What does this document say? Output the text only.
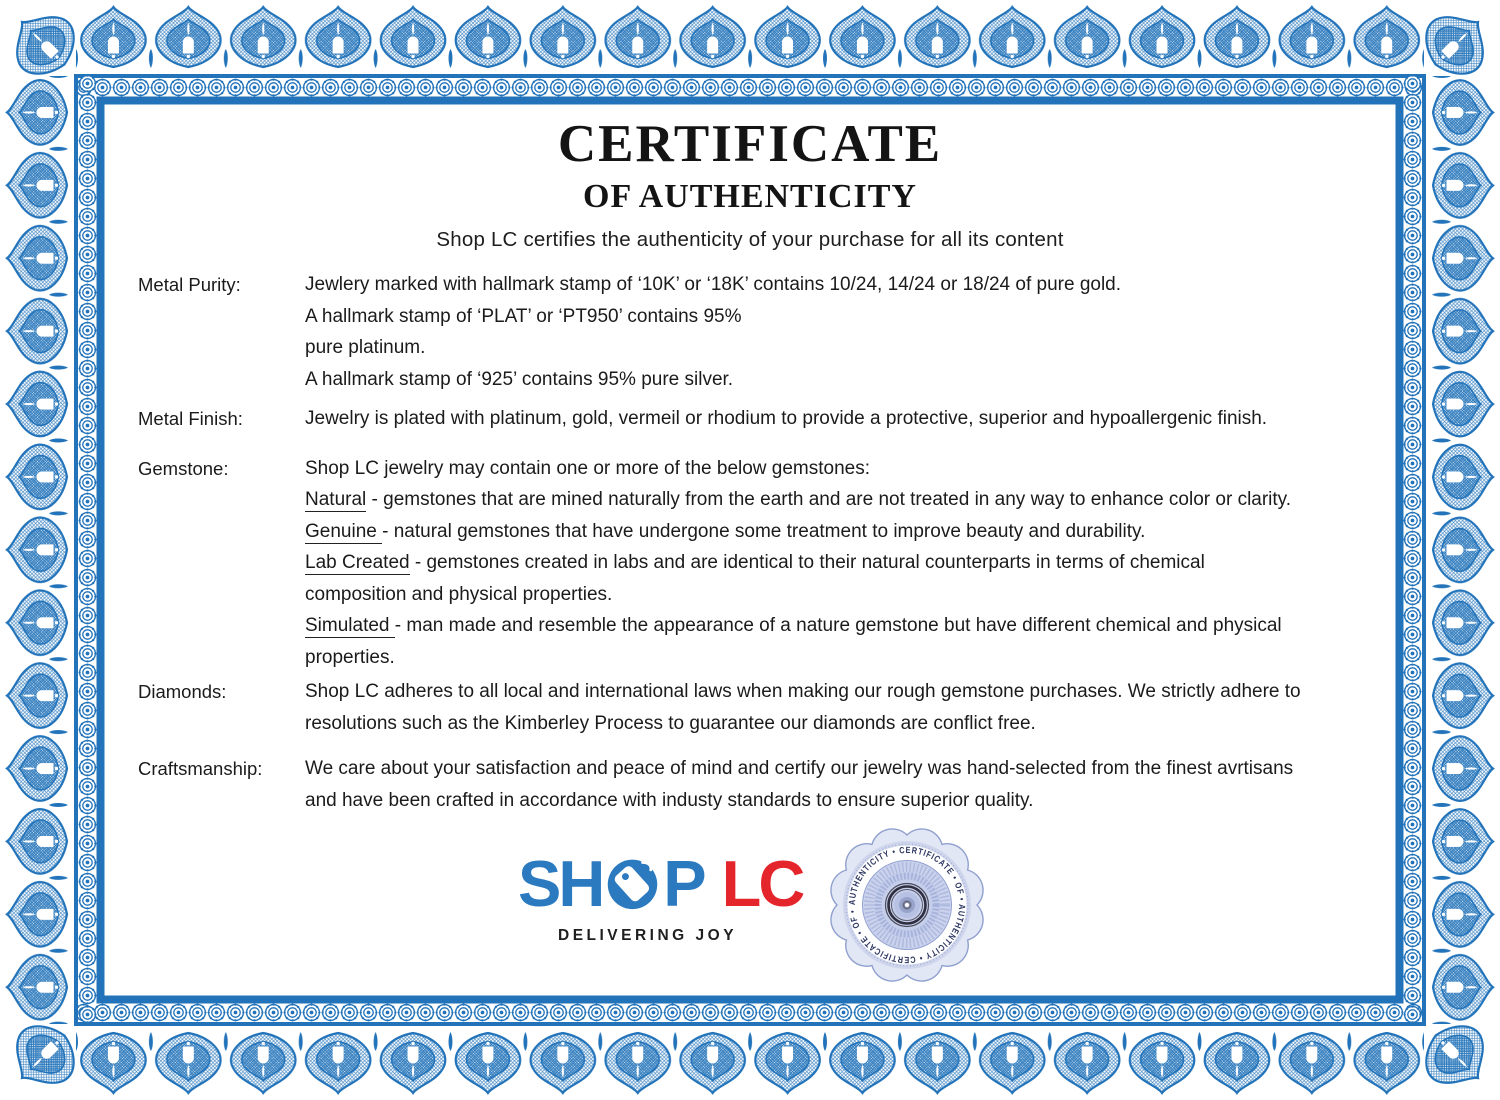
CERTIFICATE
OF AUTHENTICITY
Shop LC certifies the authenticity of your purchase for all its content
Metal Purity:	Jewlery marked with hallmark stamp of ‘10K’ or ‘18K’ contains 10/24, 14/24 or 18/24 of pure gold.

A hallmark stamp of ‘PLAT’ or ‘PT950’ contains 95%

pure platinum.

A hallmark stamp of ‘925’ contains 95% pure silver.

Metal Finish:	Jewelry is plated with platinum, gold, vermeil or rhodium to provide a protective, superior and hypoallergenic finish.

Gemstone:	Shop LC jewelry may contain one or more of the below gemstones:

Natural - gemstones that are mined naturally from the earth and are not treated in any way to enhance color or clarity.

Genuine - natural gemstones that have undergone some treatment to improve beauty and durability.

Lab Created - gemstones created in labs and are identical to their natural counterparts in terms of chemical

composition and physical properties.

Simulated - man made and resemble the appearance of a nature gemstone but have different chemical and physical

properties.

Diamonds:	Shop LC adheres to all local and international laws when making our rough gemstone purchases. We strictly adhere to

resolutions such as the Kimberley Process to guarantee our diamonds are conflict free.

Craftsmanship:	We care about your satisfaction and peace of mind and certify our jewelry was hand-selected from the finest avrtisans

and have been crafted in accordance with industy standards to ensure superior quality.

SH P LC
DELIVERING JOY
AUTHENTICITY • CERTIFICATE • OF • AUTHENTICITY • CERTIFICATE • OF •
